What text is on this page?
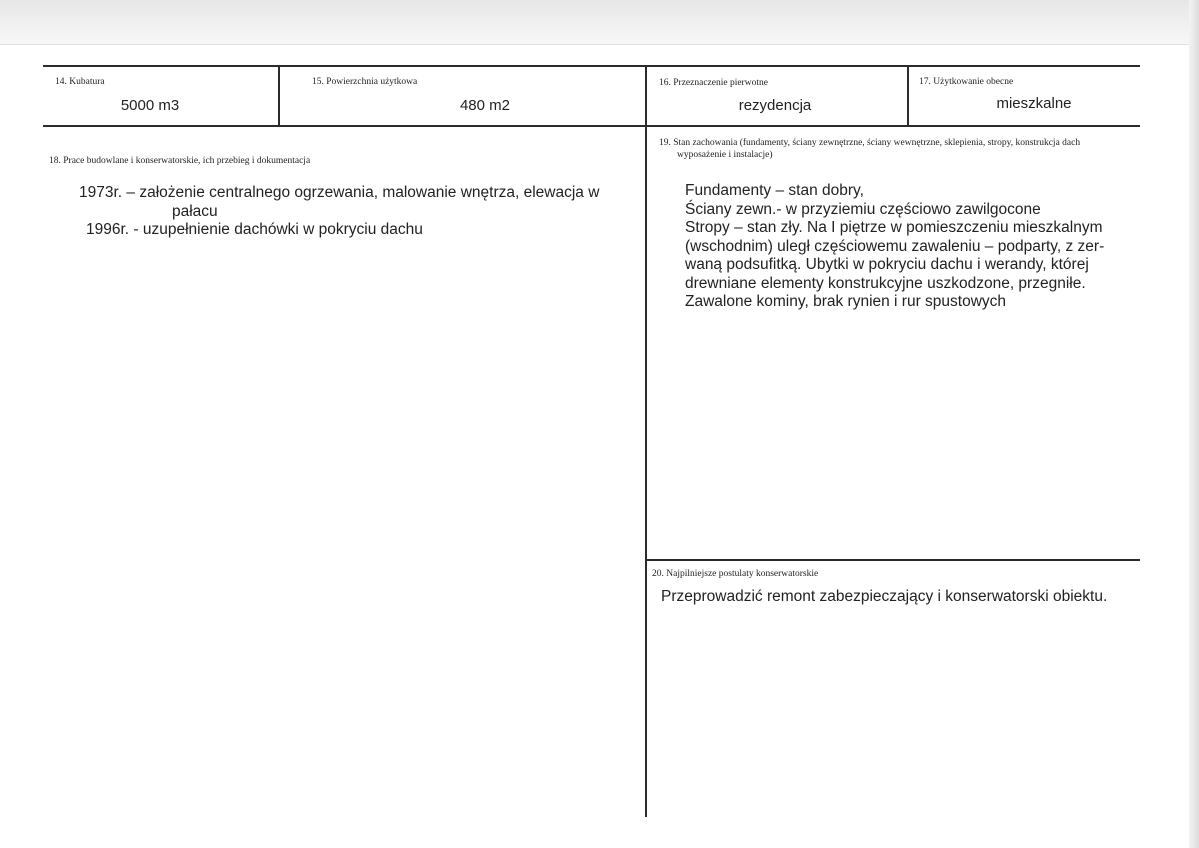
14. Kubatura
5000 m3
15. Powierzchnia użytkowa
480 m2
16. Przeznaczenie pierwotne
rezydencja
17. Użytkowanie obecne
mieszkalne
18. Prace budowlane i konserwatorskie, ich przebieg i dokumentacja
1973r. – założenie centralnego ogrzewania, malowanie wnętrza, elewacja w
pałacu
1996r. - uzupełnienie dachówki w pokryciu dachu
19. Stan zachowania (fundamenty, ściany zewnętrzne, ściany wewnętrzne, sklepienia, stropy, konstrukcja dach
wyposażenie i instalacje)
Fundamenty – stan dobry,
Ściany zewn.- w przyziemiu częściowo zawilgocone
Stropy – stan zły. Na I piętrze w pomieszczeniu mieszkalnym
(wschodnim) uległ częściowemu zawaleniu – podparty, z zer-
waną podsufitką. Ubytki w pokryciu dachu i werandy, której
drewniane elementy konstrukcyjne uszkodzone, przegniłe.
Zawalone kominy, brak rynien i rur spustowych
20. Najpilniejsze postulaty konserwatorskie
Przeprowadzić remont zabezpieczający i konserwatorski obiektu.
